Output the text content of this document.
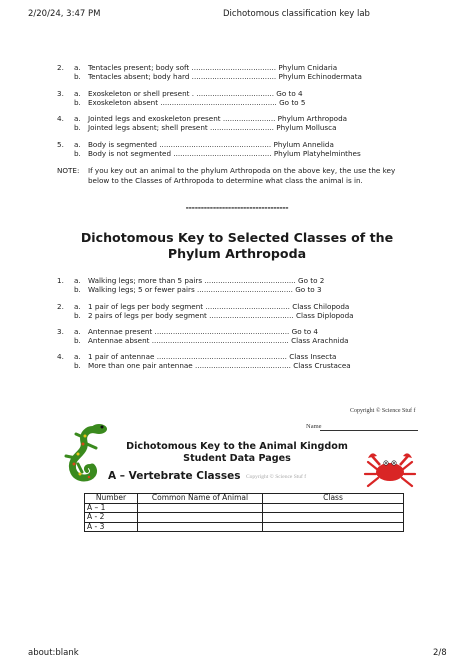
2/20/24, 3:47 PM	Dichotomous classification key lab
2. a. Tentacles present; body soft ..................................... Phylum Cnidaria
b. Tentacles absent; body hard ..................................... Phylum Echinodermata
3. a. Exoskeleton or shell present . .................................. Go to 4
b. Exoskeleton absent ................................................... Go to 5
4. a. Jointed legs and exoskeleton present ....................... Phylum Arthropoda
b. Jointed legs absent; shell present ............................ Phylum Mollusca
5. a. Body is segmented ................................................. Phylum Annelida
b. Body is not segmented ........................................... Phylum Platyhelminthes
NOTE: If you key out an animal to the phylum Arthropoda on the above key, the use the key below to the Classes of Arthropoda to determine what class the animal is in.
----------------------------------
Dichotomous Key to Selected Classes of the
Phylum Arthropoda
1. a. Walking legs; more than 5 pairs ........................................ Go to 2
b. Walking legs; 5 or fewer pairs .......................................... Go to 3
2. a. 1 pair of legs per body segment ..................................... Class Chilopoda
b. 2 pairs of legs per body segment ..................................... Class Diplopoda
3. a. Antennae present ........................................................... Go to 4
b. Antennae absent ............................................................ Class Arachnida
4. a. 1 pair of antennae ......................................................... Class Insecta
b. More than one pair antennae .......................................... Class Crustacea
Copyright © Science Stuf f
Name
Dichotomous Key to the Animal Kingdom
Student Data Pages
A – Vertebrate Classes Copyright © Science Stuf f
Number	Common Name of Animal	Class
A – 1		
A - 2		
A - 3		
about:blank	2/8
